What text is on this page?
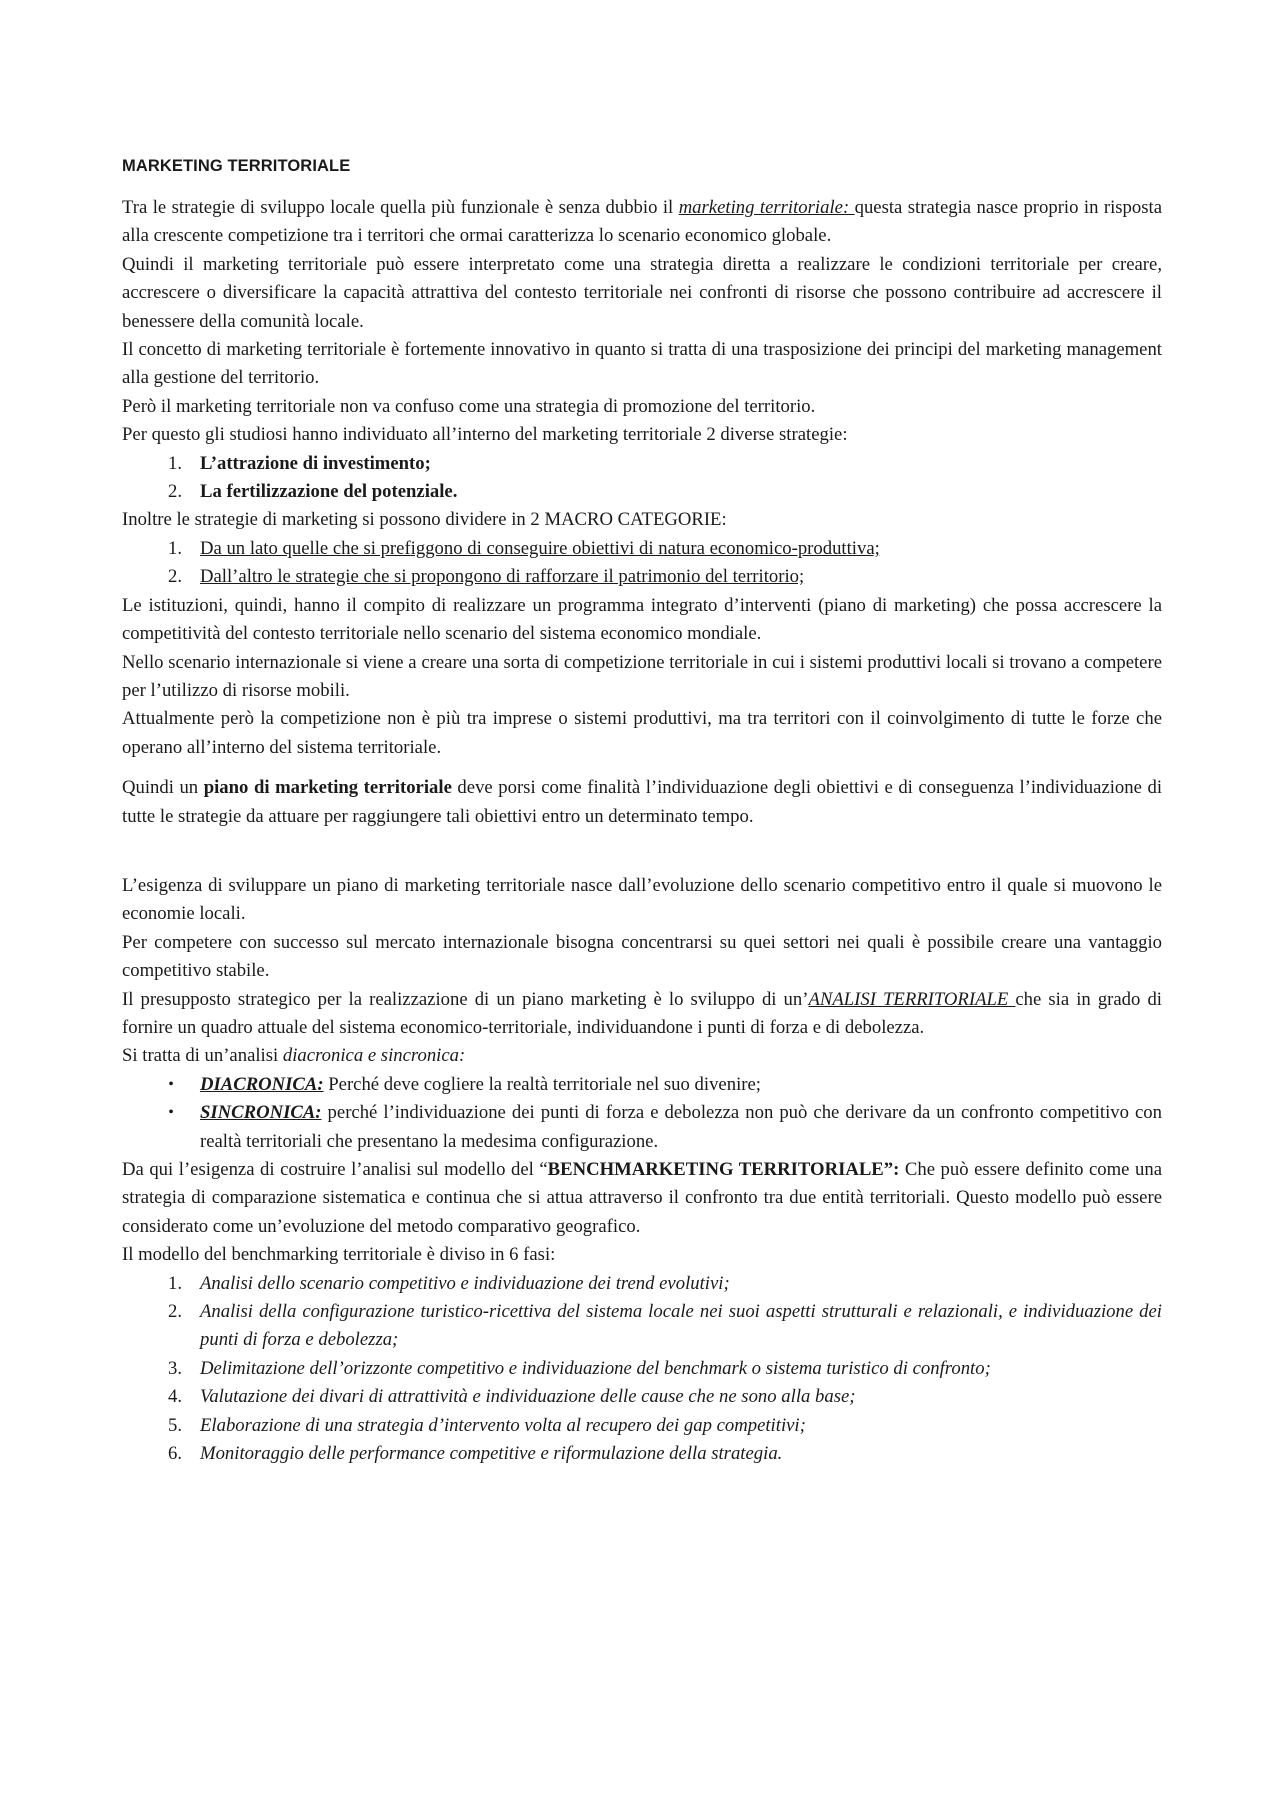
MARKETING TERRITORIALE

Tra le strategie di sviluppo locale quella più funzionale è senza dubbio il marketing territoriale: questa strategia nasce proprio in risposta alla crescente competizione tra i territori che ormai caratterizza lo scenario economico globale.

Quindi il marketing territoriale può essere interpretato come una strategia diretta a realizzare le condizioni territoriale per creare, accrescere o diversificare la capacità attrattiva del contesto territoriale nei confronti di risorse che possono contribuire ad accrescere il benessere della comunità locale.

Il concetto di marketing territoriale è fortemente innovativo in quanto si tratta di una trasposizione dei principi del marketing management alla gestione del territorio.

Però il marketing territoriale non va confuso come una strategia di promozione del territorio.

Per questo gli studiosi hanno individuato all’interno del marketing territoriale 2 diverse strategie:

1. L’attrazione di investimento;
2. La fertilizzazione del potenziale.

Inoltre le strategie di marketing si possono dividere in 2 MACRO CATEGORIE:

1. Da un lato quelle che si prefiggono di conseguire obiettivi di natura economico-produttiva;
2. Dall’altro le strategie che si propongono di rafforzare il patrimonio del territorio;

Le istituzioni, quindi, hanno il compito di realizzare un programma integrato d’interventi (piano di marketing) che possa accrescere la competitività del contesto territoriale nello scenario del sistema economico mondiale.

Nello scenario internazionale si viene a creare una sorta di competizione territoriale in cui i sistemi produttivi locali si trovano a competere per l’utilizzo di risorse mobili.

Attualmente però la competizione non è più tra imprese o sistemi produttivi, ma tra territori con il coinvolgimento di tutte le forze che operano all’interno del sistema territoriale.

Quindi un piano di marketing territoriale deve porsi come finalità l’individuazione degli obiettivi e di conseguenza l’individuazione di tutte le strategie da attuare per raggiungere tali obiettivi entro un determinato tempo.

L’esigenza di sviluppare un piano di marketing territoriale nasce dall’evoluzione dello scenario competitivo entro il quale si muovono le economie locali.

Per competere con successo sul mercato internazionale bisogna concentrarsi su quei settori nei quali è possibile creare una vantaggio competitivo stabile.

Il presupposto strategico per la realizzazione di un piano marketing è lo sviluppo di un’ANALISI TERRITORIALE che sia in grado di fornire un quadro attuale del sistema economico-territoriale, individuandone i punti di forza e di debolezza.

Si tratta di un’analisi diacronica e sincronica:

•	DIACRONICA: Perché deve cogliere la realtà territoriale nel suo divenire;
•	SINCRONICA: perché l’individuazione dei punti di forza e debolezza non può che derivare da un confronto competitivo con realtà territoriali che presentano la medesima configurazione.

Da qui l’esigenza di costruire l’analisi sul modello del “BENCHMARKETING TERRITORIALE”: Che può essere definito come una strategia di comparazione sistematica e continua che si attua attraverso il confronto tra due entità territoriali. Questo modello può essere considerato come un’evoluzione del metodo comparativo geografico.

Il modello del benchmarking territoriale è diviso in 6 fasi:

1. Analisi dello scenario competitivo e individuazione dei trend evolutivi;
2. Analisi della configurazione turistico-ricettiva del sistema locale nei suoi aspetti strutturali e relazionali, e individuazione dei punti di forza e debolezza;
3. Delimitazione dell’orizzonte competitivo e individuazione del benchmark o sistema turistico di confronto;
4. Valutazione dei divari di attrattività e individuazione delle cause che ne sono alla base;
5. Elaborazione di una strategia d’intervento volta al recupero dei gap competitivi;
6. Monitoraggio delle performance competitive e riformulazione della strategia.
